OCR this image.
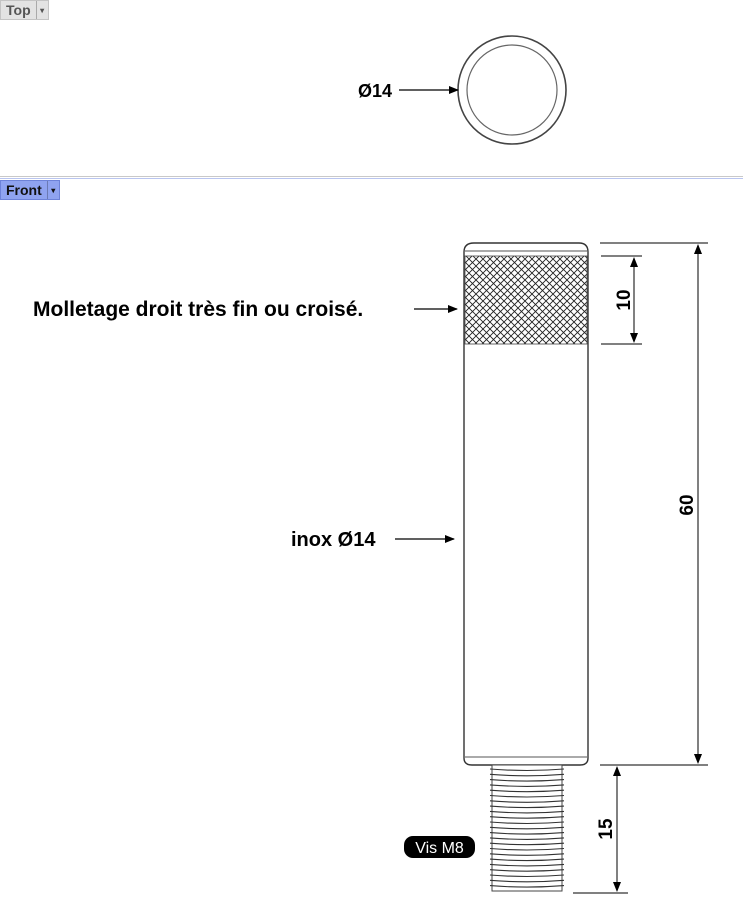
Top	▾
Front	▾
Ø14
Molletage droit très fin ou croisé.
inox Ø14
Vis M8
10
60
15
